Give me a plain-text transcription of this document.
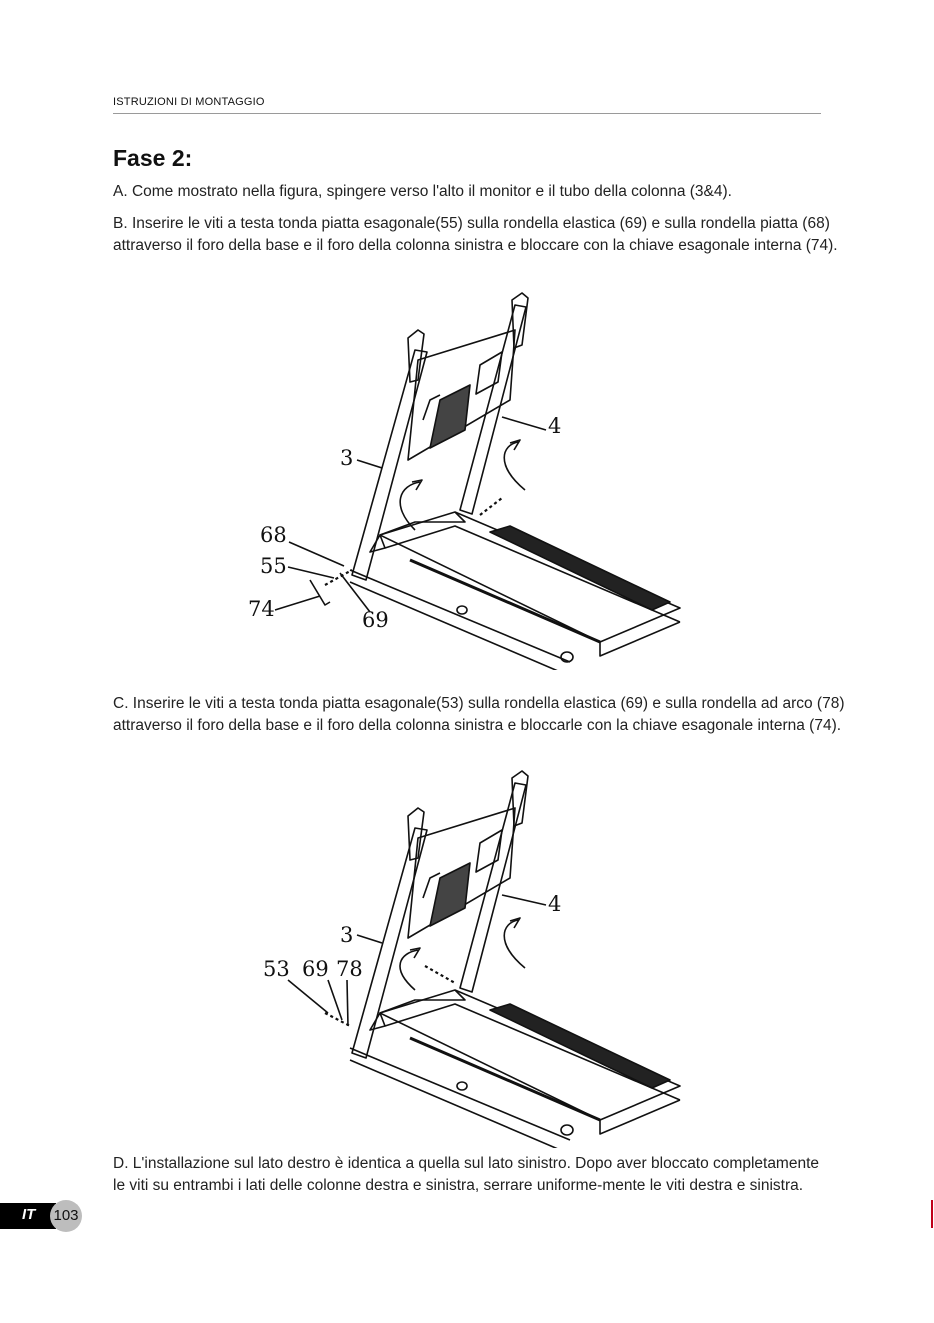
ISTRUZIONI DI MONTAGGIO
Fase 2:
A. Come mostrato nella figura, spingere verso l'alto il monitor e il tubo della colonna (3&4).
B. Inserire le viti a testa tonda piatta esagonale(55) sulla rondella elastica (69) e sulla rondella piatta (68) attraverso il foro della base e il foro della colonna sinistra e bloccare con la chiave esagonale interna (74).
4
3
68
55
74	69
C. Inserire le viti a testa tonda piatta esagonale(53) sulla rondella elastica (69) e sulla rondella ad arco (78) attraverso il foro della base e il foro della colonna sinistra e bloccarle con la chiave esagonale interna (74).
4
3
53 69 78
D. L'installazione sul lato destro è identica a quella sul lato sinistro. Dopo aver bloccato completamente le viti su entrambi i lati delle colonne destra e sinistra, serrare uniforme-mente le viti destra e sinistra.
IT 103
